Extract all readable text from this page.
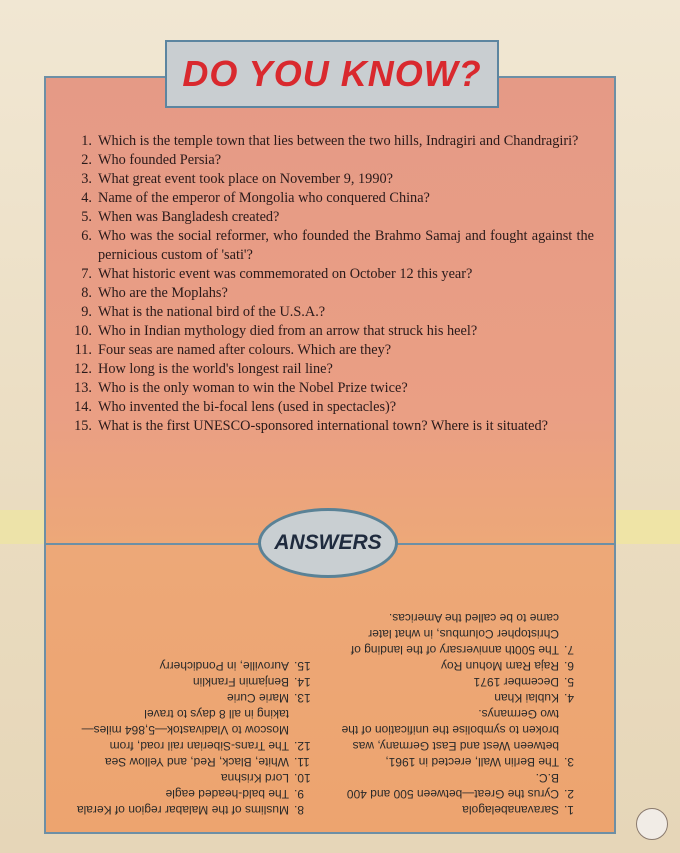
DO YOU KNOW?
1. Which is the temple town that lies between the two hills, Indragiri and Chandragiri?
2. Who founded Persia?
3. What great event took place on November 9, 1990?
4. Name of the emperor of Mongolia who conquered China?
5. When was Bangladesh created?
6. Who was the social reformer, who founded the Brahmo Samaj and fought against the pernicious custom of 'sati'?
7. What historic event was commemorated on October 12 this year?
8. Who are the Moplahs?
9. What is the national bird of the U.S.A.?
10. Who in Indian mythology died from an arrow that struck his heel?
11. Four seas are named after colours. Which are they?
12. How long is the world's longest rail line?
13. Who is the only woman to win the Nobel Prize twice?
14. Who invented the bi-focal lens (used in spectacles)?
15. What is the first UNESCO-sponsored international town? Where is it situated?
ANSWERS
1.
Saravanabelagola
2.
Cyrus the Great—between 500 and 400 B.C.
3.
The Berlin Wall, erected in 1961, between West and East Germany, was broken to symbolise the unification of the two Germanys.
4.
Kublai Khan
5.
December 1971
6.
Raja Ram Mohun Roy
7.
The 500th anniversary of the landing of Christopher Columbus, in what later came to be called the Americas.
8.
Muslims of the Malabar region of Kerala
9.
The bald-headed eagle
10.
Lord Krishna
11.
White, Black, Red, and Yellow Sea
12.
The Trans-Siberian rail road, from Moscow to Vladivastok—5,864 miles—taking in all 8 days to travel
13.
Marie Curie
14.
Benjamin Franklin
15.
Auroville, in Pondicherry
